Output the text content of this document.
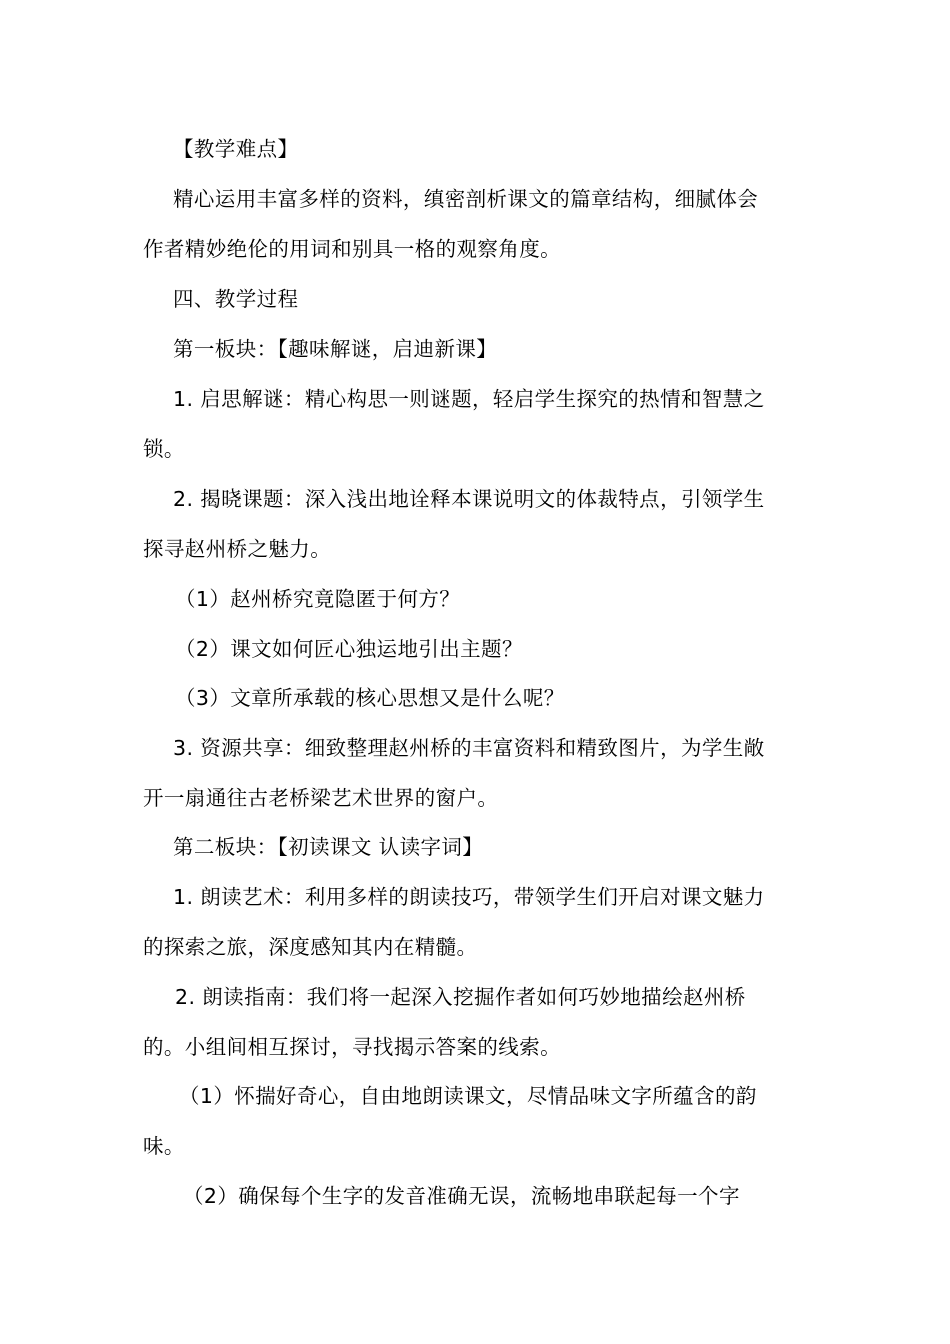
【教学难点】
精心运用丰富多样的资料，缜密剖析课文的篇章结构，细腻体会
作者精妙绝伦的用词和别具一格的观察角度。
四、教学过程
第一板块：【趣味解谜，启迪新课】
1. 启思解谜：精心构思一则谜题，轻启学生探究的热情和智慧之
锁。
2. 揭晓课题：深入浅出地诠释本课说明文的体裁特点，引领学生
探寻赵州桥之魅力。
（1）赵州桥究竟隐匿于何方？
（2）课文如何匠心独运地引出主题？
（3）文章所承载的核心思想又是什么呢？
3. 资源共享：细致整理赵州桥的丰富资料和精致图片，为学生敞
开一扇通往古老桥梁艺术世界的窗户。
第二板块：【初读课文 认读字词】
1. 朗读艺术：利用多样的朗读技巧，带领学生们开启对课文魅力
的探索之旅，深度感知其内在精髓。
2. 朗读指南：我们将一起深入挖掘作者如何巧妙地描绘赵州桥
的。小组间相互探讨，寻找揭示答案的线索。
（1）怀揣好奇心，自由地朗读课文，尽情品味文字所蕴含的韵
味。
（2）确保每个生字的发音准确无误，流畅地串联起每一个字
